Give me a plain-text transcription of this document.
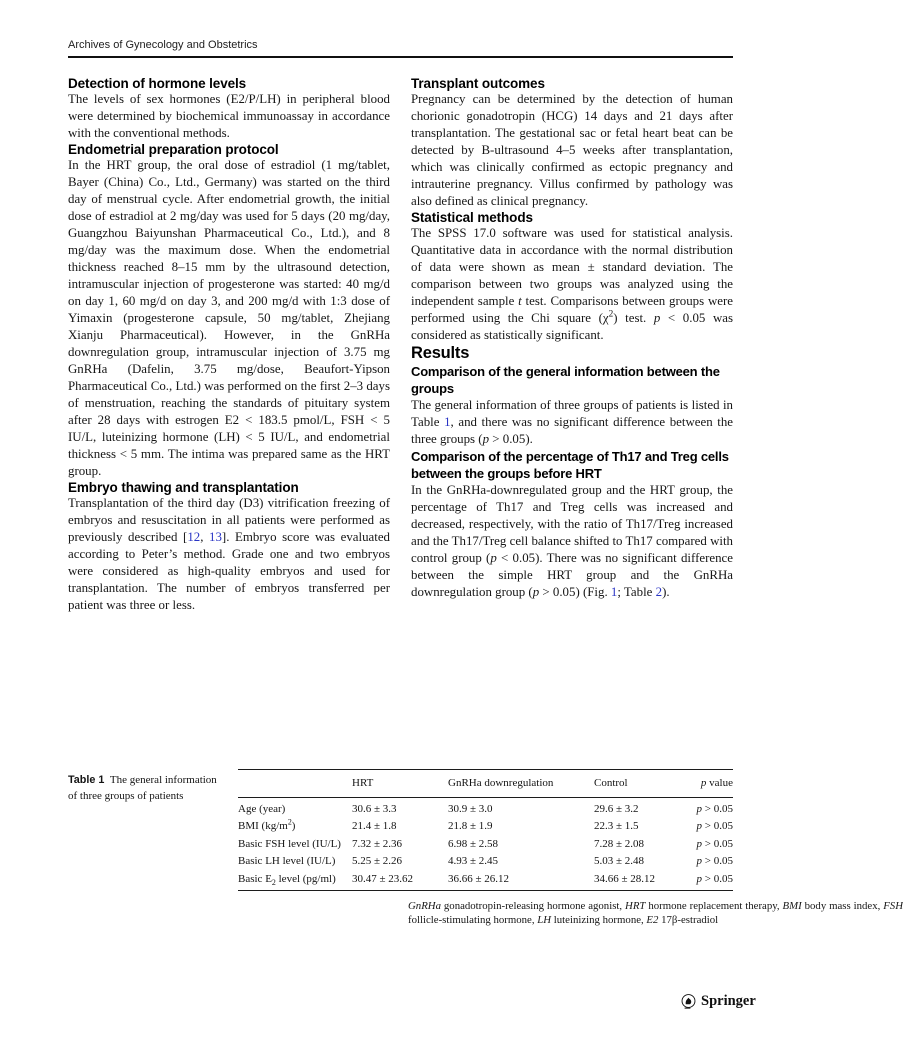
Archives of Gynecology and Obstetrics
Detection of hormone levels

The levels of sex hormones (E2/P/LH) in peripheral blood were determined by biochemical immunoassay in accordance with the conventional methods.

Endometrial preparation protocol

In the HRT group, the oral dose of estradiol (1 mg/tablet, Bayer (China) Co., Ltd., Germany) was started on the third day of menstrual cycle. After endometrial growth, the initial dose of estradiol at 2 mg/day was used for 5 days (20 mg/day, Guangzhou Baiyunshan Pharmaceutical Co., Ltd.), and 8 mg/day was the maximum dose. When the endometrial thickness reached 8–15 mm by the ultrasound detection, intramuscular injection of progesterone was started: 40 mg/d on day 1, 60 mg/d on day 3, and 200 mg/d with 1:3 dose of Yimaxin (progesterone capsule, 50 mg/tablet, Zhejiang Xianju Pharmaceutical). However, in the GnRHa downregulation group, intramuscular injection of 3.75 mg GnRHa (Dafelin, 3.75 mg/dose, Beaufort-Yipson Pharmaceutical Co., Ltd.) was performed on the first 2–3 days of menstruation, reaching the standards of pituitary system after 28 days with estrogen E2 < 183.5 pmol/L, FSH < 5 IU/L, luteinizing hormone (LH) < 5 IU/L, and endometrial thickness < 5 mm. The intima was prepared same as the HRT group.

Embryo thawing and transplantation

Transplantation of the third day (D3) vitrification freezing of embryos and resuscitation in all patients were performed as previously described [12, 13]. Embryo score was evaluated according to Peter’s method. Grade one and two embryos were considered as high-quality embryos and used for transplantation. The number of embryos transferred per patient was three or less.

Transplant outcomes

Pregnancy can be determined by the detection of human chorionic gonadotropin (HCG) 14 days and 21 days after transplantation. The gestational sac or fetal heart beat can be detected by B-ultrasound 4–5 weeks after transplantation, which was clinically confirmed as ectopic pregnancy and intrauterine pregnancy. Villus confirmed by pathology was also defined as clinical pregnancy.

Statistical methods

The SPSS 17.0 software was used for statistical analysis. Quantitative data in accordance with the normal distribution of data were shown as mean ± standard deviation. The comparison between two groups was analyzed using the independent sample t test. Comparisons between groups were performed using the Chi square $(\chi^2)$ test. p < 0.05 was considered as statistically significant.

Results
Comparison of the general information between the groups

The general information of three groups of patients is listed in Table 1, and there was no significant difference between the three groups (p > 0.05).

Comparison of the percentage of Th17 and Treg cells between the groups before HRT

In the GnRHa-downregulated group and the HRT group, the percentage of Th17 and Treg cells was increased and decreased, respectively, with the ratio of Th17/Treg increased and the Th17/Treg cell balance shifted to Th17 compared with control group (p < 0.05). There was no significant difference between the simple HRT group and the GnRHa downregulation group (p > 0.05) (Fig. 1; Table 2).

Table 1 The general information of three groups of patients
	HRT	GnRHa downregulation	Control	p value
Age (year)	30.6 ± 3.3	30.9 ± 3.0	29.6 ± 3.2	p > 0.05
BMI $(kg/m^2)$	21.4 ± 1.8	21.8 ± 1.9	22.3 ± 1.5	p > 0.05
Basic FSH level (IU/L)	7.32 ± 2.36	6.98 ± 2.58	7.28 ± 2.08	p > 0.05
Basic LH level (IU/L)	5.25 ± 2.26	4.93 ± 2.45	5.03 ± 2.48	p > 0.05
Basic $E_2$ level (pg/ml)	30.47 ± 23.62	36.66 ± 26.12	34.66 ± 28.12	p > 0.05
GnRHa gonadotropin-releasing hormone agonist, HRT hormone replacement therapy, BMI body mass index, FSH follicle-stimulating hormone, LH luteinizing hormone, E2 17β-estradiol
Springer
